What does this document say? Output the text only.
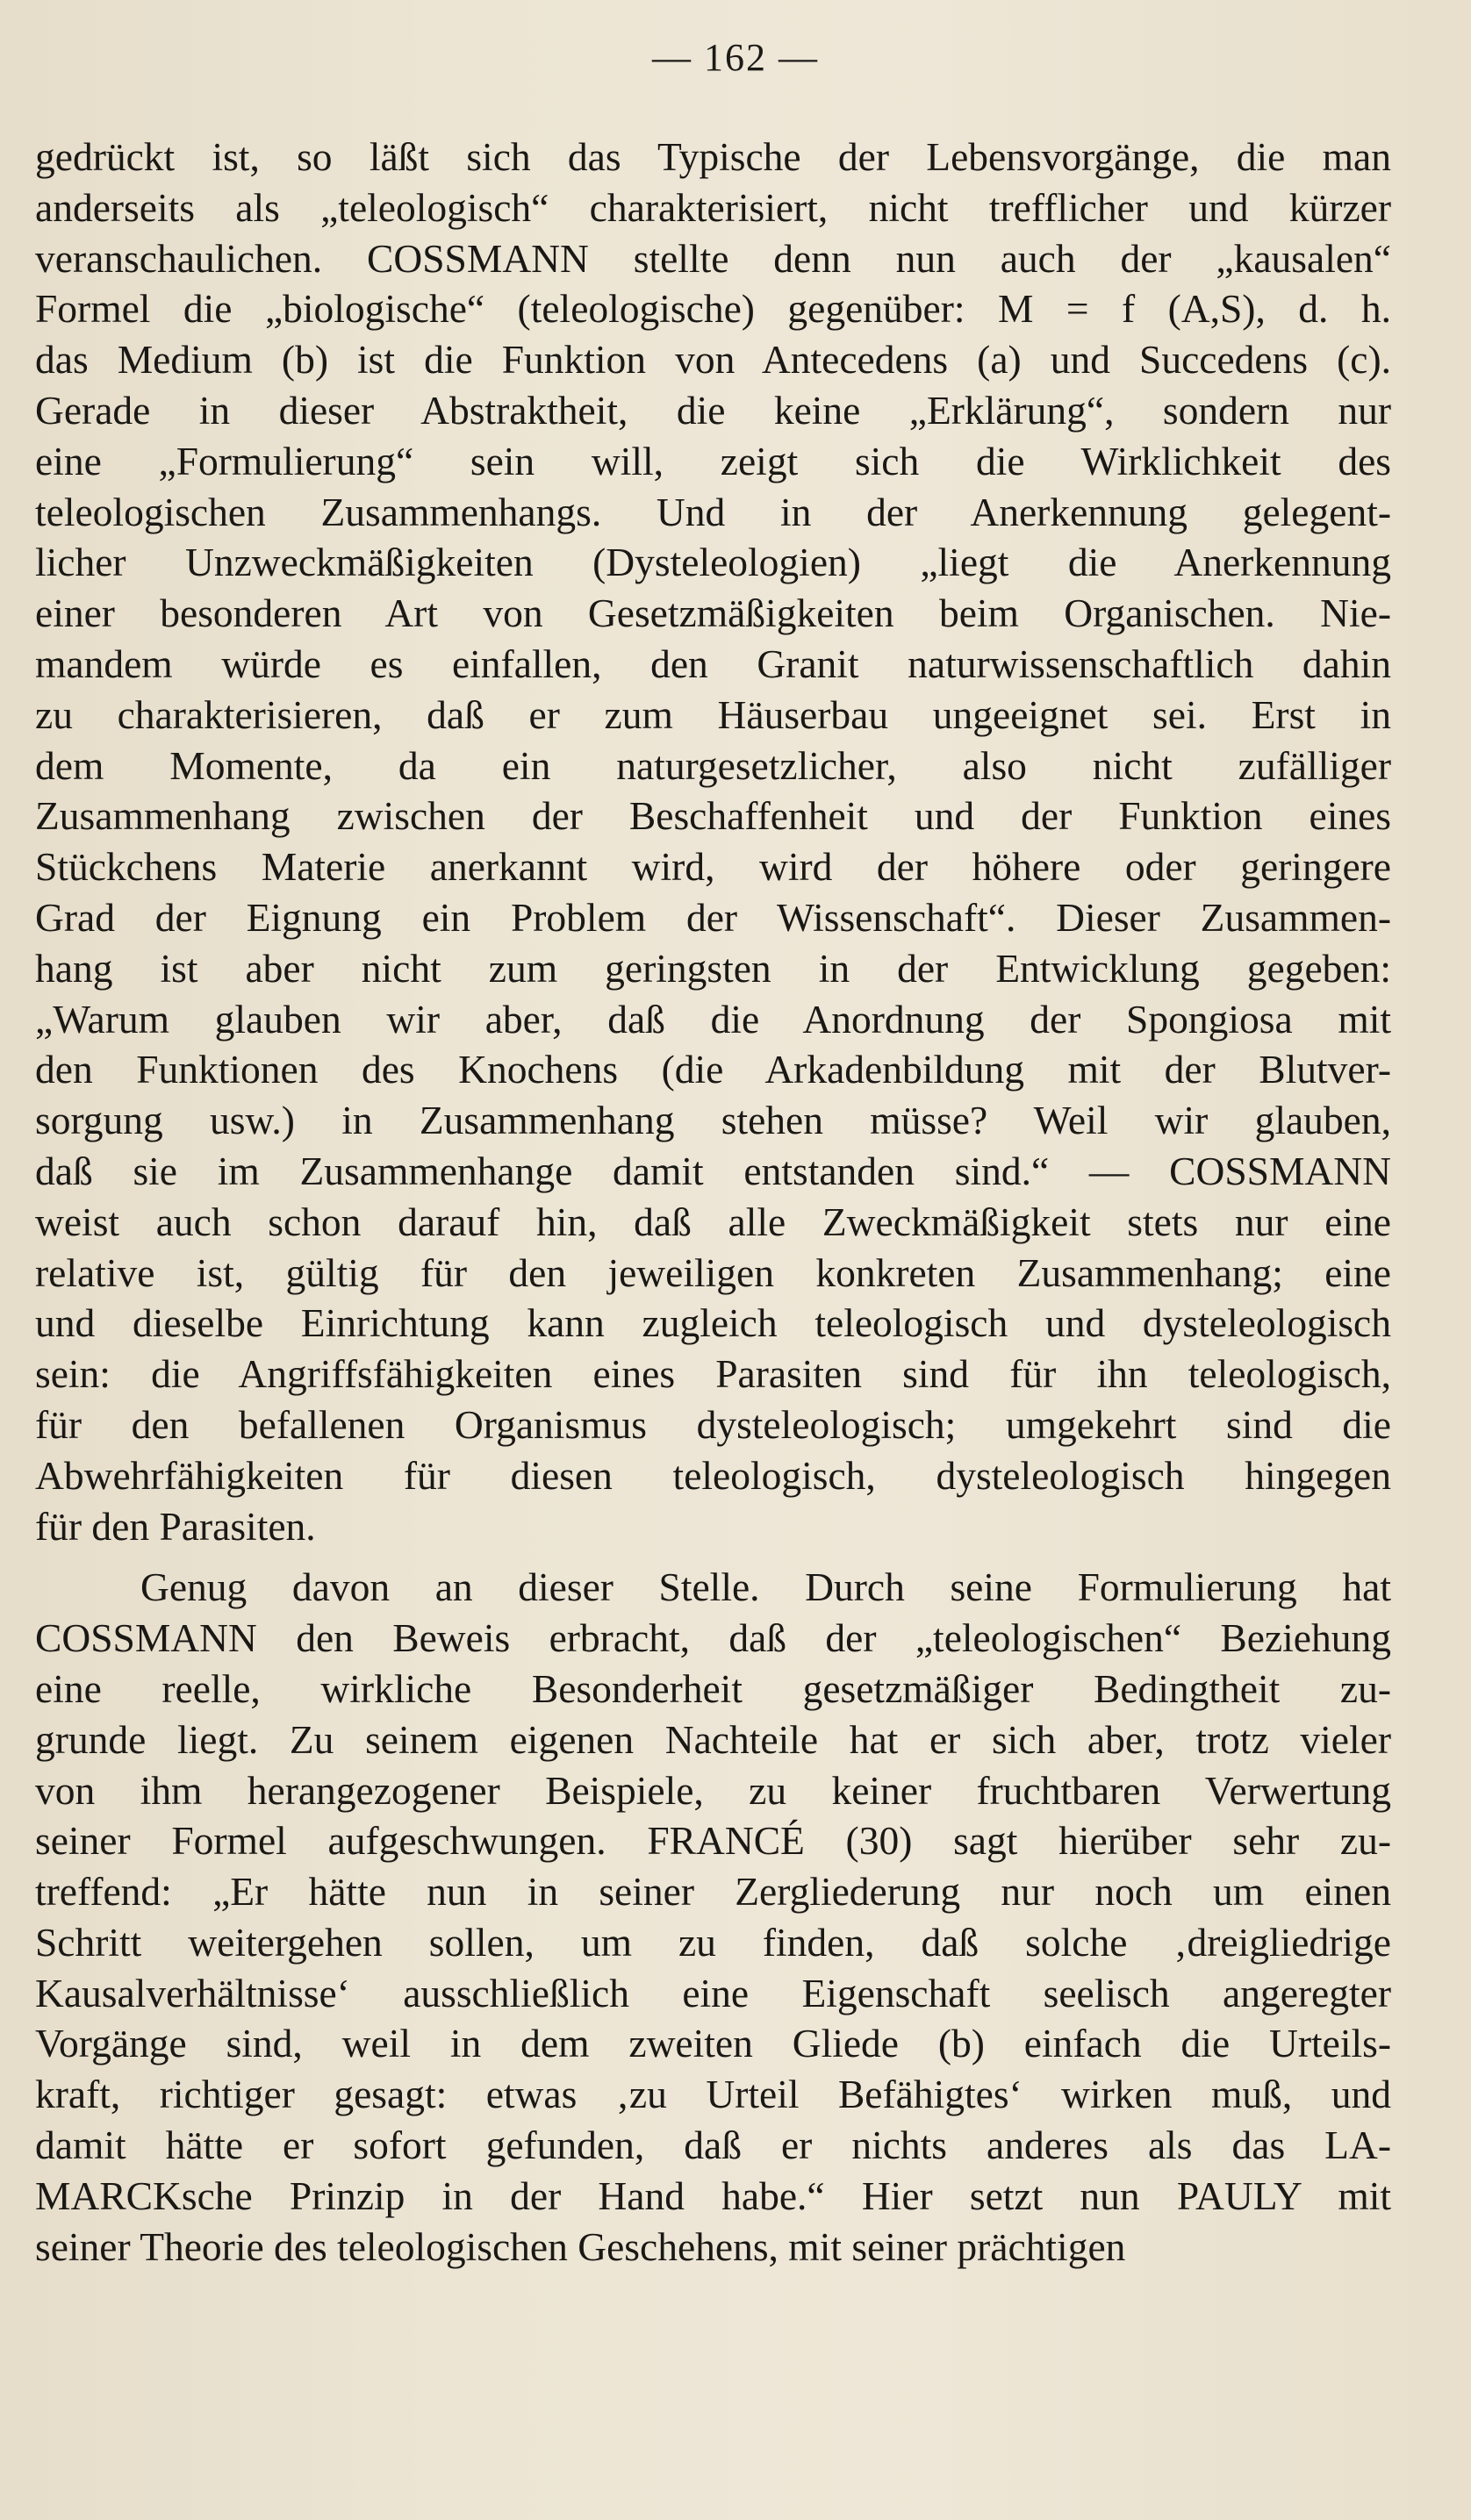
— 162 —
gedrückt ist, so läßt sich das Typische der Lebensvorgänge, die man
anderseits als „teleologisch“ charakterisiert, nicht trefflicher und kürzer
veranschaulichen. COSSMANN stellte denn nun auch der „kausalen“
Formel die „biologische“ (teleologische) gegenüber: M = f (A,S), d. h.
das Medium (b) ist die Funktion von Antecedens (a) und Succedens (c).
Gerade in dieser Abstraktheit, die keine „Erklärung“, sondern nur
eine „Formulierung“ sein will, zeigt sich die Wirklichkeit des
teleologischen Zusammenhangs. Und in der Anerkennung gelegent-
licher Unzweckmäßigkeiten (Dysteleologien) „liegt die Anerkennung
einer besonderen Art von Gesetzmäßigkeiten beim Organischen. Nie-
mandem würde es einfallen, den Granit naturwissenschaftlich dahin
zu charakterisieren, daß er zum Häuserbau ungeeignet sei. Erst in
dem Momente, da ein naturgesetzlicher, also nicht zufälliger
Zusammenhang zwischen der Beschaffenheit und der Funktion eines
Stückchens Materie anerkannt wird, wird der höhere oder geringere
Grad der Eignung ein Problem der Wissenschaft“. Dieser Zusammen-
hang ist aber nicht zum geringsten in der Entwicklung gegeben:
„Warum glauben wir aber, daß die Anordnung der Spongiosa mit
den Funktionen des Knochens (die Arkadenbildung mit der Blutver-
sorgung usw.) in Zusammenhang stehen müsse? Weil wir glauben,
daß sie im Zusammenhange damit entstanden sind.“ — COSSMANN
weist auch schon darauf hin, daß alle Zweckmäßigkeit stets nur eine
relative ist, gültig für den jeweiligen konkreten Zusammenhang; eine
und dieselbe Einrichtung kann zugleich teleologisch und dysteleologisch
sein: die Angriffsfähigkeiten eines Parasiten sind für ihn teleologisch,
für den befallenen Organismus dysteleologisch; umgekehrt sind die
Abwehrfähigkeiten für diesen teleologisch, dysteleologisch hingegen
für den Parasiten.
Genug davon an dieser Stelle. Durch seine Formulierung hat
COSSMANN den Beweis erbracht, daß der „teleologischen“ Beziehung
eine reelle, wirkliche Besonderheit gesetzmäßiger Bedingtheit zu-
grunde liegt. Zu seinem eigenen Nachteile hat er sich aber, trotz vieler
von ihm herangezogener Beispiele, zu keiner fruchtbaren Verwertung
seiner Formel aufgeschwungen. FRANCÉ (30) sagt hierüber sehr zu-
treffend: „Er hätte nun in seiner Zergliederung nur noch um einen
Schritt weitergehen sollen, um zu finden, daß solche ‚dreigliedrige
Kausalverhältnisse‘ ausschließlich eine Eigenschaft seelisch angeregter
Vorgänge sind, weil in dem zweiten Gliede (b) einfach die Urteils-
kraft, richtiger gesagt: etwas ‚zu Urteil Befähigtes‘ wirken muß, und
damit hätte er sofort gefunden, daß er nichts anderes als das LA-
MARCKsche Prinzip in der Hand habe.“ Hier setzt nun PAULY mit
seiner Theorie des teleologischen Geschehens, mit seiner prächtigen
